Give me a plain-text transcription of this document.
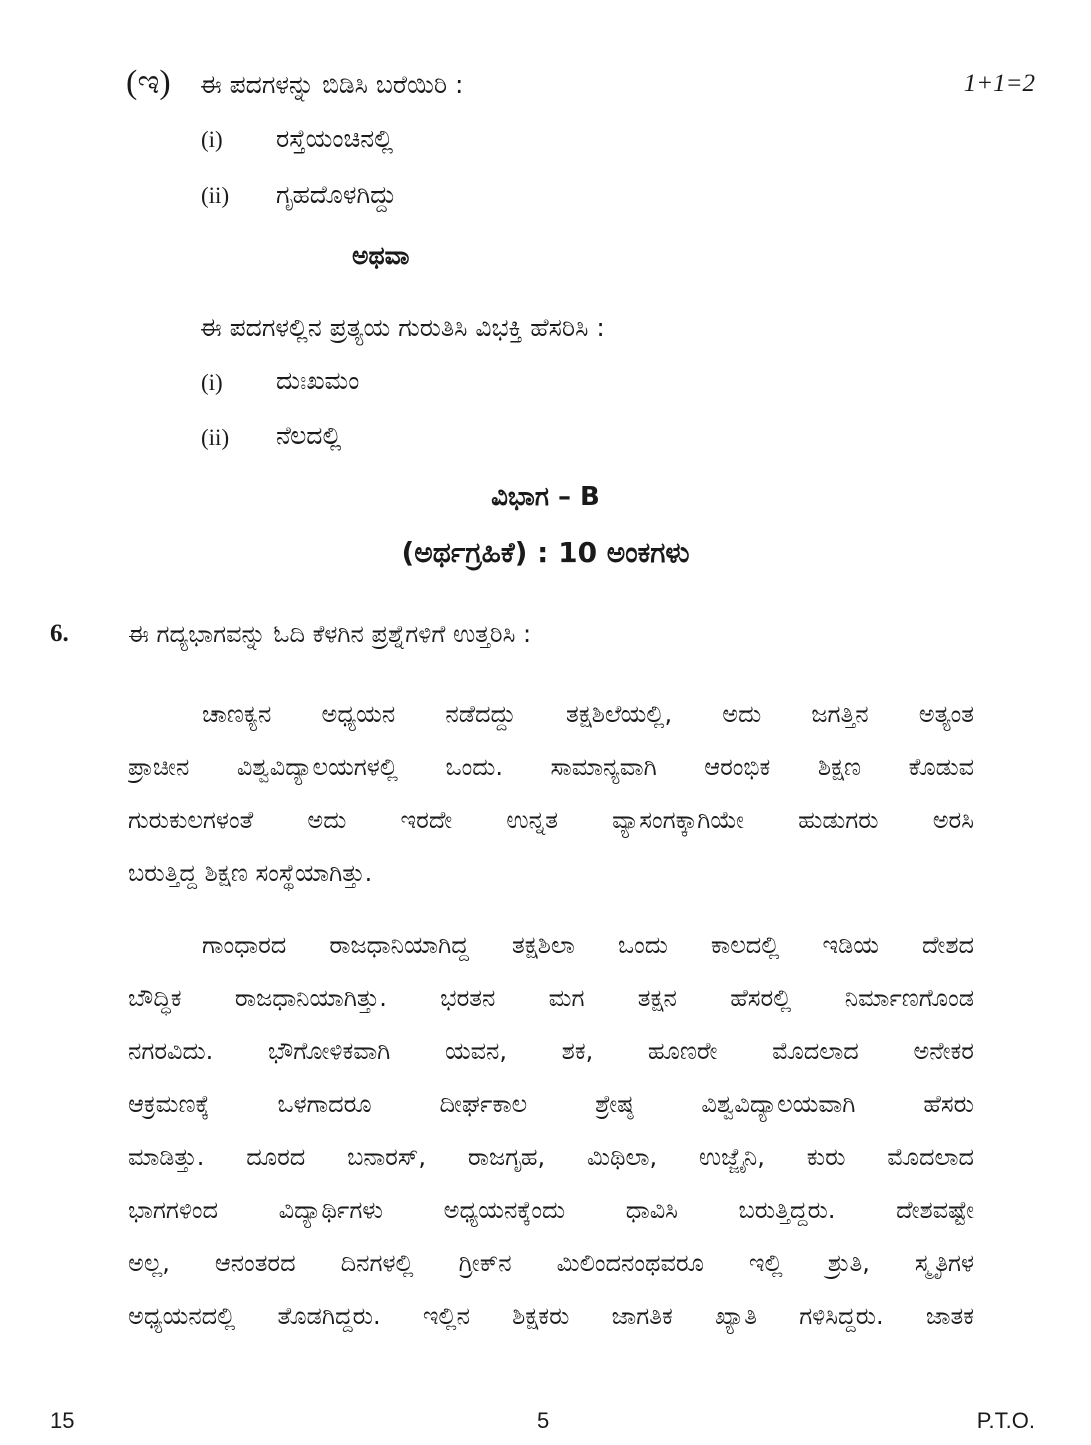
(ಇ) ಈ ಪದಗಳನ್ನು ಬಿಡಿಸಿ ಬರೆಯಿರಿ :	1+1=2
(i) ರಸ್ತೆಯಂಚಿನಲ್ಲಿ
(ii) ಗೃಹದೊಳಗಿದ್ದು
ಅಥವಾ
ಈ ಪದಗಳಲ್ಲಿನ ಪ್ರತ್ಯಯ ಗುರುತಿಸಿ ವಿಭಕ್ತಿ ಹೆಸರಿಸಿ :
(i) ದುಃಖಮಂ
(ii) ನೆಲದಲ್ಲಿ
ವಿಭಾಗ – B
(ಅರ್ಥಗ್ರಹಿಕೆ) : 10 ಅಂಕಗಳು
6. ಈ ಗದ್ಯಭಾಗವನ್ನು ಓದಿ ಕೆಳಗಿನ ಪ್ರಶ್ನೆಗಳಿಗೆ ಉತ್ತರಿಸಿ :
ಚಾಣಕ್ಯನ ಅಧ್ಯಯನ ನಡೆದದ್ದು ತಕ್ಷಶಿಲೆಯಲ್ಲಿ, ಅದು ಜಗತ್ತಿನ ಅತ್ಯಂತ
ಪ್ರಾಚೀನ ವಿಶ್ವವಿದ್ಯಾಲಯಗಳಲ್ಲಿ ಒಂದು. ಸಾಮಾನ್ಯವಾಗಿ ಆರಂಭಿಕ ಶಿಕ್ಷಣ ಕೊಡುವ
ಗುರುಕುಲಗಳಂತೆ ಅದು ಇರದೇ ಉನ್ನತ ವ್ಯಾಸಂಗಕ್ಕಾಗಿಯೇ ಹುಡುಗರು ಅರಸಿ
ಬರುತ್ತಿದ್ದ ಶಿಕ್ಷಣ ಸಂಸ್ಥೆಯಾಗಿತ್ತು.
ಗಾಂಧಾರದ ರಾಜಧಾನಿಯಾಗಿದ್ದ ತಕ್ಷಶಿಲಾ ಒಂದು ಕಾಲದಲ್ಲಿ ಇಡಿಯ ದೇಶದ
ಬೌದ್ಧಿಕ ರಾಜಧಾನಿಯಾಗಿತ್ತು. ಭರತನ ಮಗ ತಕ್ಷನ ಹೆಸರಲ್ಲಿ ನಿರ್ಮಾಣಗೊಂಡ
ನಗರವಿದು. ಭೌಗೋಳಿಕವಾಗಿ ಯವನ, ಶಕ, ಹೂಣರೇ ಮೊದಲಾದ ಅನೇಕರ
ಆಕ್ರಮಣಕ್ಕೆ ಒಳಗಾದರೂ ದೀರ್ಘಕಾಲ ಶ್ರೇಷ್ಠ ವಿಶ್ವವಿದ್ಯಾಲಯವಾಗಿ ಹೆಸರು
ಮಾಡಿತ್ತು. ದೂರದ ಬನಾರಸ್, ರಾಜಗೃಹ, ಮಿಥಿಲಾ, ಉಜ್ಜೈನಿ, ಕುರು ಮೊದಲಾದ
ಭಾಗಗಳಿಂದ ವಿದ್ಯಾರ್ಥಿಗಳು ಅಧ್ಯಯನಕ್ಕೆಂದು ಧಾವಿಸಿ ಬರುತ್ತಿದ್ದರು. ದೇಶವಷ್ಟೇ
ಅಲ್ಲ, ಆನಂತರದ ದಿನಗಳಲ್ಲಿ ಗ್ರೀಕ್‌ನ ಮಿಲಿಂದನಂಥವರೂ ಇಲ್ಲಿ ಶ್ರುತಿ, ಸ್ಮೃತಿಗಳ
ಅಧ್ಯಯನದಲ್ಲಿ ತೊಡಗಿದ್ದರು. ಇಲ್ಲಿನ ಶಿಕ್ಷಕರು ಜಾಗತಿಕ ಖ್ಯಾತಿ ಗಳಿಸಿದ್ದರು. ಜಾತಕ
15	5	P.T.O.
